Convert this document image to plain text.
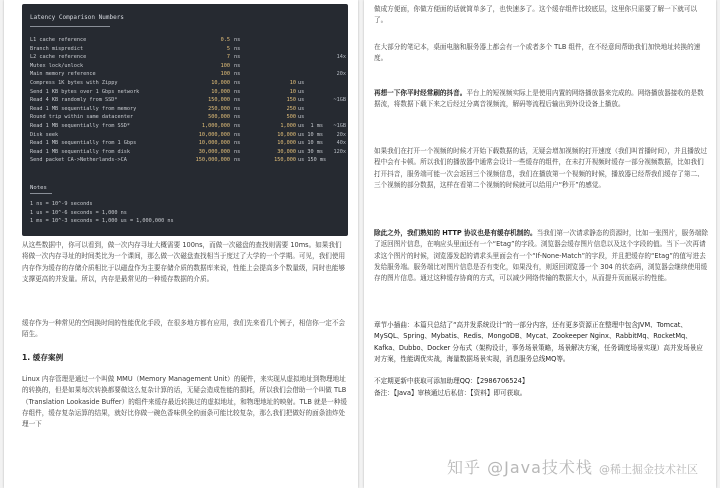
Latency Comparison Numbers
L1 cache reference	0.5 ns
Branch mispredict	5 ns
L2 cache reference	7 ns	14x
Mutex lock/unlock	100 ns
Main memory reference	100 ns	20x
Compress 1K bytes with Zippy	10,000 ns	10 us
Send 1 KB bytes over 1 Gbps network	10,000 ns	10 us
Read 4 KB randomly from SSD*	150,000 ns	150 us	~1GB
Read 1 MB sequentially from memory	250,000 ns	250 us
Round trip within same datacenter	500,000 ns	500 us
Read 1 MB sequentially from SSD*	1,000,000 ns	1,000 us  1 ms	~1GB
Disk seek	10,000,000 ns	10,000 us 10 ms	20x
Read 1 MB sequentially from 1 Gbps	10,000,000 ns	10,000 us 10 ms	40x
Read 1 MB sequentially from disk	30,000,000 ns	30,000 us 30 ms	120x
Send packet CA->Netherlands->CA	150,000,000 ns	150,000 us 150 ms
Notes
1 ns = 10^-9 seconds
1 us = 10^-6 seconds = 1,000 ns
1 ms = 10^-3 seconds = 1,000 us = 1,000,000 ns

从这些数据中，你可以看到，做一次内存寻址大概需要 100ns，而做一次磁盘的查找则需要 10ms。如果我们将做一次内存寻址的时间类比为一个课间，那么做一次磁盘查找相当于度过了大学的一个学期。可见，我们使用内存作为缓存的存储介质相比于以磁盘作为主要存储介质的数据库来说，性能上会提高多个数量级，同时也能够支撑更高的并发量。所以，内存是最常见的一种缓存数据的介质。

缓存作为一种常见的空间换时间的性能优化手段，在很多地方都有应用，我们先来看几个例子，相信你一定不会陌生。

1. 缓存案例

Linux 内存管理是通过一个叫做 MMU（Memory Management Unit）的硬件，来实现从虚拟地址到物理地址的转换的，但是如果每次转换都要做这么复杂计算的话，无疑会造成性能的损耗，所以我们会借助一个叫做 TLB（Translation Lookaside Buffer）的组件来缓存最近转换过的虚拟地址，和物理地址的映射。TLB 就是一种缓存组件，缓存复杂运算的结果，就好比你做一碗色香味俱全的面条可能比较复杂，那么我们把做好的面条油炸处理一下

做成方便面，你做方便面的话就简单多了，也快速多了。这个缓存组件比较底层，这里你只需要了解一下就可以了。

在大部分的笔记本，桌面电脑和服务器上都会有一个或者多个 TLB 组件，在不经意间帮助我们加快地址转换的速度。

再想一下你平时经常刷的抖音。平台上的短视频实际上是使用内置的网络播放器来完成的。网络播放器接收的是数据流，将数据下载下来之后经过分离音视频流，解码等流程后输出到外设设备上播放。

如果我们在打开一个视频的时候才开始下载数据的话，无疑会增加视频的打开速度（我们叫首播时间），并且播放过程中会有卡顿。所以我们的播放器中通常会设计一些缓存的组件，在未打开视频时缓存一部分视频数据，比如我们打开抖音，服务端可能一次会返回三个视频信息，我们在播放第一个视频的时候，播放器已经帮我们缓存了第二、三个视频的部分数据，这样在看第二个视频的时候就可以给用户“秒开”的感觉。

除此之外，我们熟知的 HTTP 协议也是有缓存机制的。当我们第一次请求静态的资源时，比如一张图片，服务端除了返回图片信息，在响应头里面还有一个“Etag”的字段。浏览器会缓存图片信息以及这个字段的值。当下一次再请求这个图片的时候，浏览器发起的请求头里面会有一个“If-None-Match”的字段，并且把缓存的“Etag”的值写进去发给服务端。服务端比对图片信息是否有变化，如果没有，则返回浏览器一个 304 的状态码，浏览器会继续使用缓存的图片信息。通过这种缓存协商的方式，可以减少网络传输的数据大小，从而提升页面展示的性能。

章节小插曲：本篇只总结了“高并发系统设计”的一部分内容，还有更多资源正在整理中包含JVM、Tomcat、MySQL、Spring、Mybatis、Redis、MongoDB、Mycat、Zookeeper Nginx、RabbitMq、RocketMq、Kafka、Dubbo、Docker 分布式（架构设计，事务场景策略，场景解决方案，任务调度场景实现）高并发场景应对方案，性能调优实战，海量数据场景实现，消息服务总线MQ等。

不定期更新中获取可添加助理QQ：【2986706524】

备注：【Java】审核通过后私信：【资料】即可获取。

知乎 @Java技术栈 @稀土掘金技术社区
